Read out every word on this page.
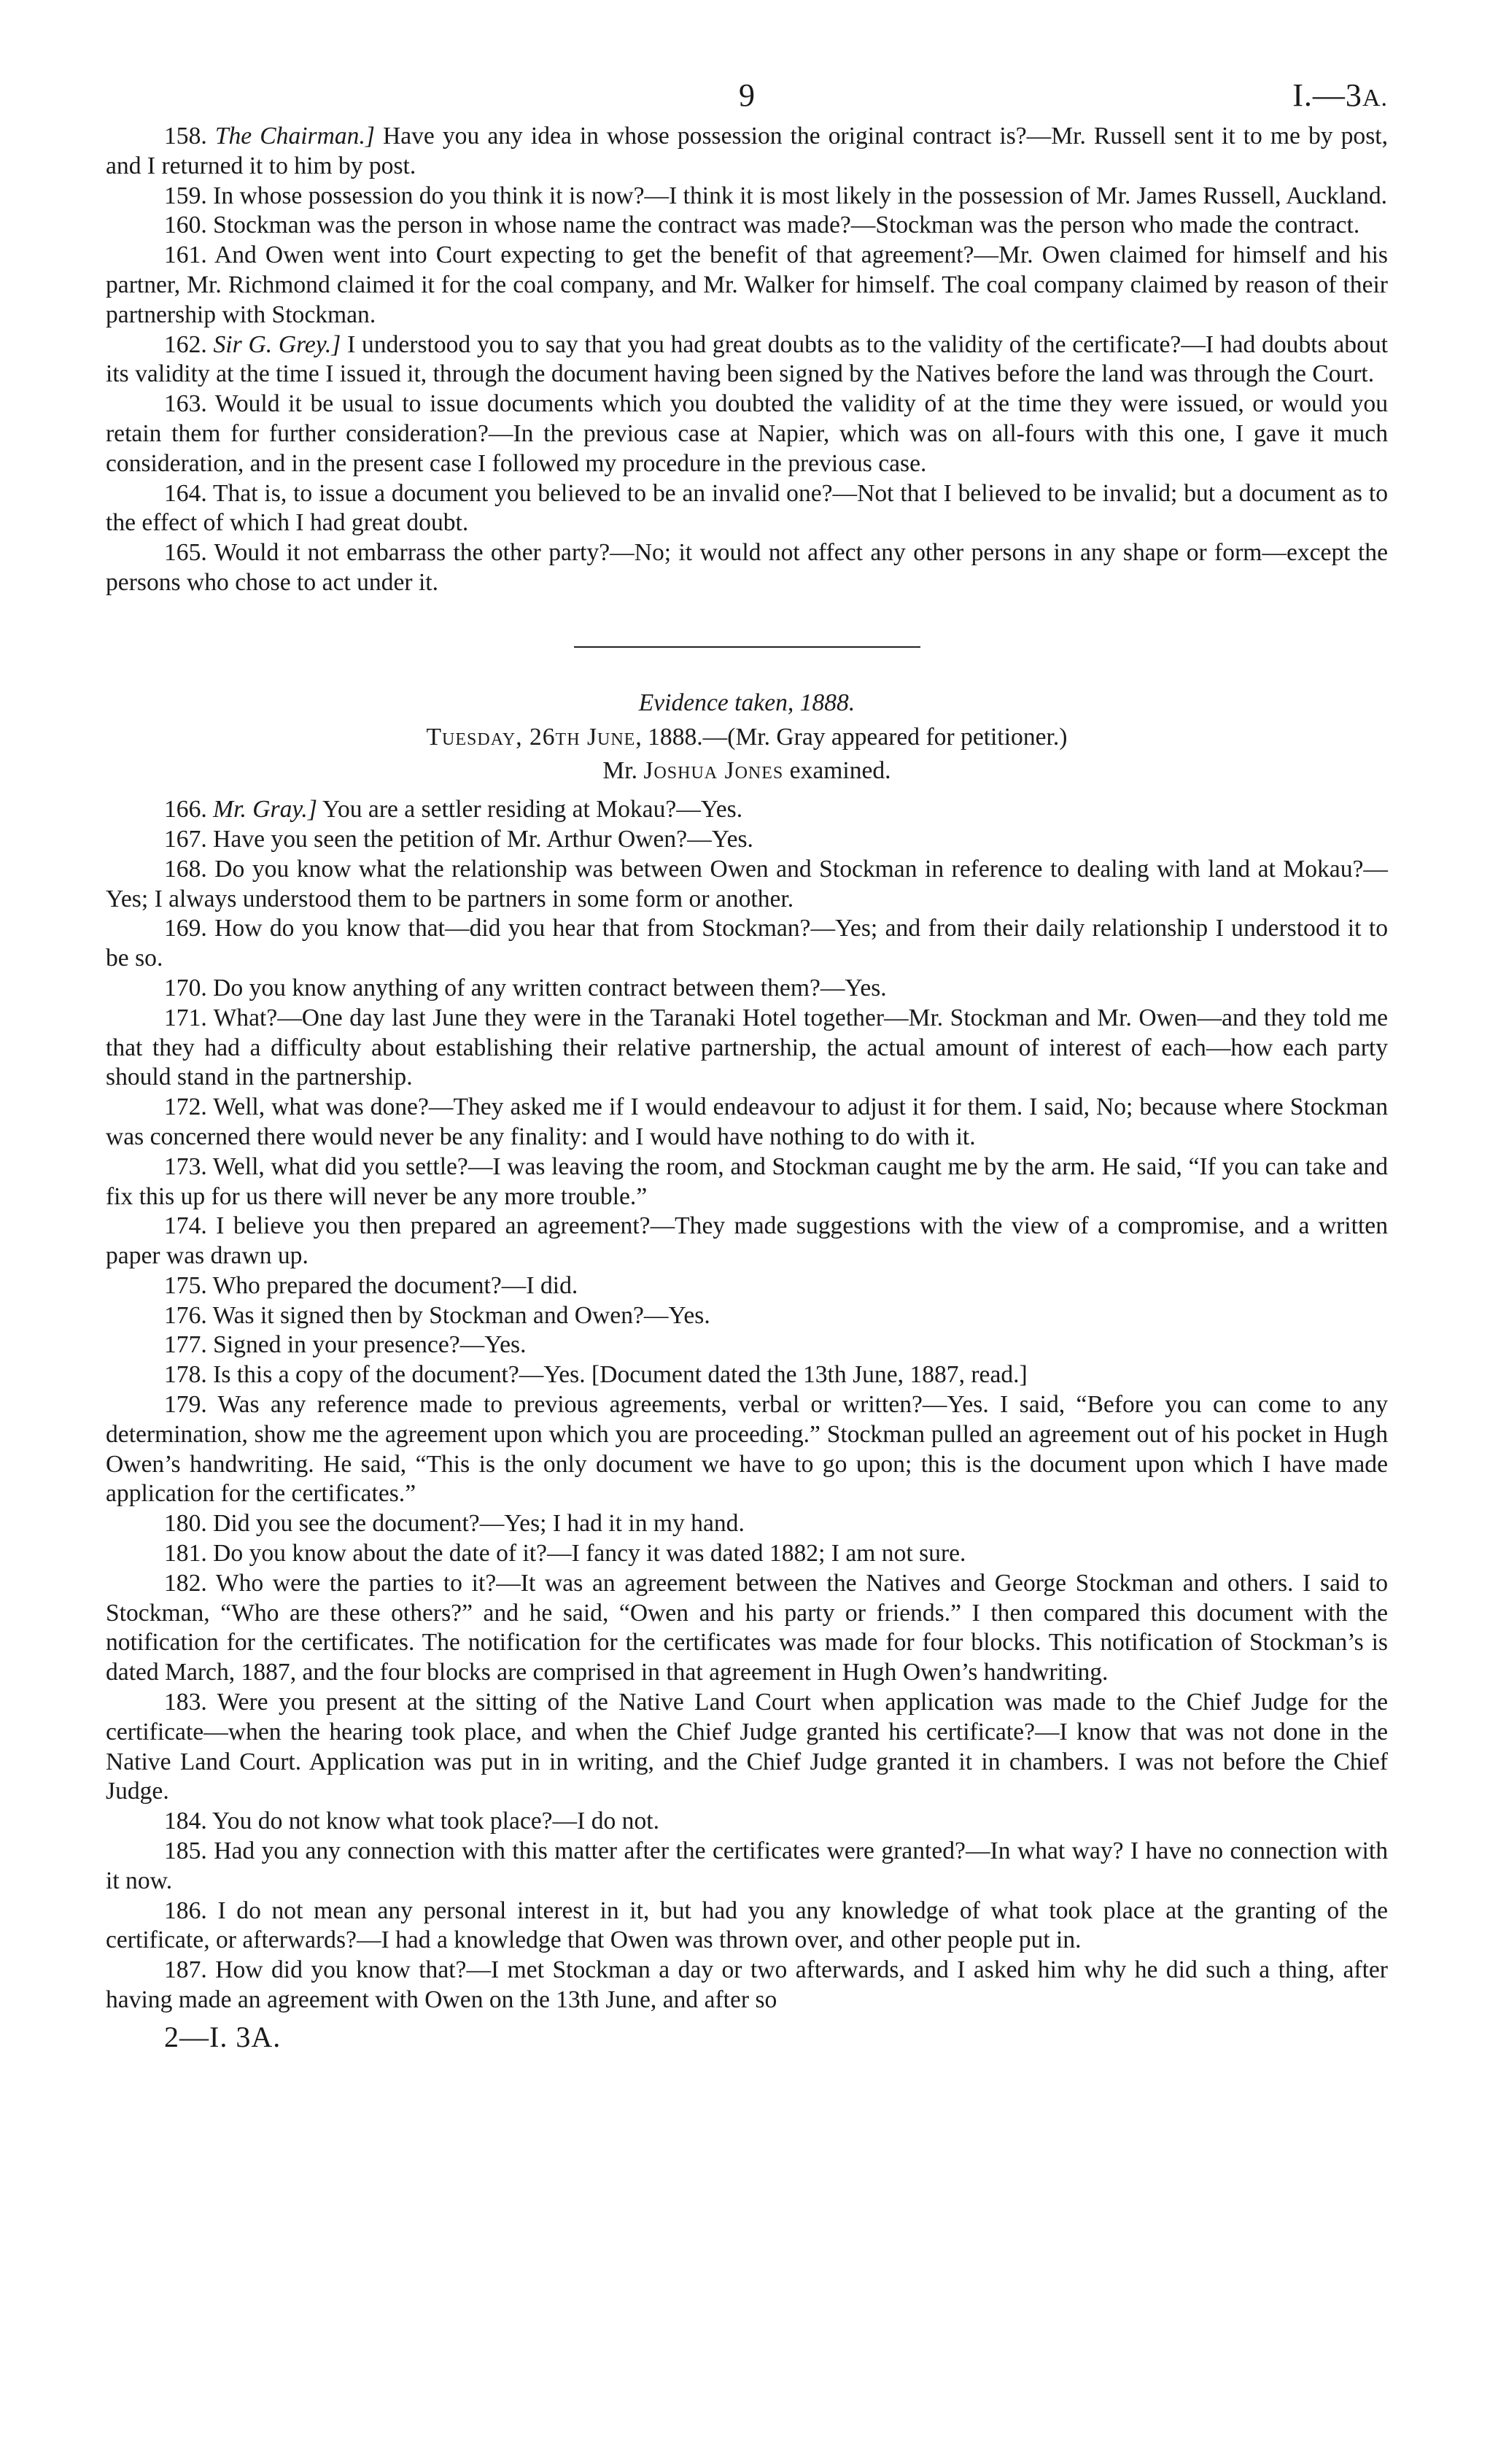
9	I.—3A.

158. The Chairman.] Have you any idea in whose possession the original contract is?—Mr. Russell sent it to me by post, and I returned it to him by post.

159. In whose possession do you think it is now?—I think it is most likely in the possession of Mr. James Russell, Auckland.

160. Stockman was the person in whose name the contract was made?—Stockman was the person who made the contract.

161. And Owen went into Court expecting to get the benefit of that agreement?—Mr. Owen claimed for himself and his partner, Mr. Richmond claimed it for the coal company, and Mr. Walker for himself. The coal company claimed by reason of their partnership with Stockman.

162. Sir G. Grey.] I understood you to say that you had great doubts as to the validity of the certificate?—I had doubts about its validity at the time I issued it, through the document having been signed by the Natives before the land was through the Court.

163. Would it be usual to issue documents which you doubted the validity of at the time they were issued, or would you retain them for further consideration?—In the previous case at Napier, which was on all-fours with this one, I gave it much consideration, and in the present case I followed my procedure in the previous case.

164. That is, to issue a document you believed to be an invalid one?—Not that I believed to be invalid; but a document as to the effect of which I had great doubt.

165. Would it not embarrass the other party?—No; it would not affect any other persons in any shape or form—except the persons who chose to act under it.

Evidence taken, 1888.

Tuesday, 26th June, 1888.—(Mr. Gray appeared for petitioner.)

Mr. Joshua Jones examined.

166. Mr. Gray.] You are a settler residing at Mokau?—Yes.

167. Have you seen the petition of Mr. Arthur Owen?—Yes.

168. Do you know what the relationship was between Owen and Stockman in reference to dealing with land at Mokau?—Yes; I always understood them to be partners in some form or another.

169. How do you know that—did you hear that from Stockman?—Yes; and from their daily relationship I understood it to be so.

170. Do you know anything of any written contract between them?—Yes.

171. What?—One day last June they were in the Taranaki Hotel together—Mr. Stockman and Mr. Owen—and they told me that they had a difficulty about establishing their relative partnership, the actual amount of interest of each—how each party should stand in the partnership.

172. Well, what was done?—They asked me if I would endeavour to adjust it for them. I said, No; because where Stockman was concerned there would never be any finality: and I would have nothing to do with it.

173. Well, what did you settle?—I was leaving the room, and Stockman caught me by the arm. He said, “If you can take and fix this up for us there will never be any more trouble.”

174. I believe you then prepared an agreement?—They made suggestions with the view of a compromise, and a written paper was drawn up.

175. Who prepared the document?—I did.

176. Was it signed then by Stockman and Owen?—Yes.

177. Signed in your presence?—Yes.

178. Is this a copy of the document?—Yes. [Document dated the 13th June, 1887, read.]

179. Was any reference made to previous agreements, verbal or written?—Yes. I said, “Before you can come to any determination, show me the agreement upon which you are proceeding.” Stockman pulled an agreement out of his pocket in Hugh Owen’s handwriting. He said, “This is the only document we have to go upon; this is the document upon which I have made application for the certificates.”

180. Did you see the document?—Yes; I had it in my hand.

181. Do you know about the date of it?—I fancy it was dated 1882; I am not sure.

182. Who were the parties to it?—It was an agreement between the Natives and George Stockman and others. I said to Stockman, “Who are these others?” and he said, “Owen and his party or friends.” I then compared this document with the notification for the certificates. The notification for the certificates was made for four blocks. This notification of Stockman’s is dated March, 1887, and the four blocks are comprised in that agreement in Hugh Owen’s handwriting.

183. Were you present at the sitting of the Native Land Court when application was made to the Chief Judge for the certificate—when the hearing took place, and when the Chief Judge granted his certificate?—I know that was not done in the Native Land Court. Application was put in in writing, and the Chief Judge granted it in chambers. I was not before the Chief Judge.

184. You do not know what took place?—I do not.

185. Had you any connection with this matter after the certificates were granted?—In what way? I have no connection with it now.

186. I do not mean any personal interest in it, but had you any knowledge of what took place at the granting of the certificate, or afterwards?—I had a knowledge that Owen was thrown over, and other people put in.

187. How did you know that?—I met Stockman a day or two afterwards, and I asked him why he did such a thing, after having made an agreement with Owen on the 13th June, and after so

2—I. 3A.
